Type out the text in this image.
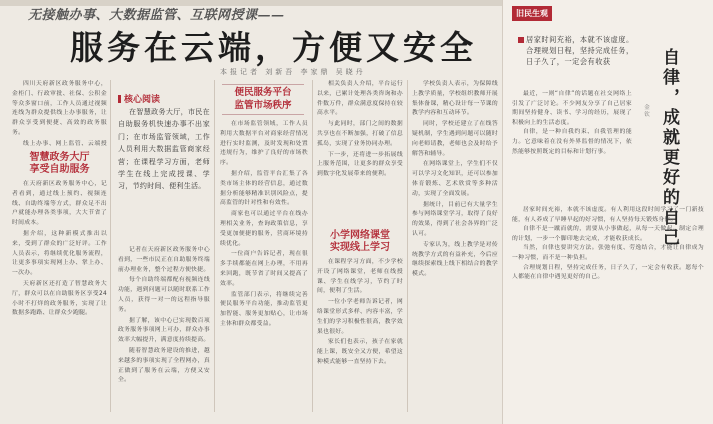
无接触办事、大数据监管、互联网授课——
服务在云端，方便又安全
本报记者 刘新吾 李家鼎 吴晓丹

四川天府新区政务服务中心，金柜门、行政审批、社保、公积金等众多窗口前，工作人员通过视频连线为群众提供线上办事服务，让群众享受到便捷、高效的政务服务。

线上办事、网上监管、云端授

智慧政务大厅
享受自助服务

在天府新区政务服务中心，记者看到，通过线上预约、视频连线、自助终端等方式，群众足不出户就能办理各类事项，大大节省了时间成本。

据介绍，这种新模式推出以来，受到了群众的广泛好评。工作人员表示，将继续优化服务流程，让更多事项实现网上办、掌上办、一次办。

天府新区还打造了智慧政务大厅，群众可以在自助服务区享受24小时不打烊的政务服务，实现了让数据多跑路、让群众少跑腿。

核心阅读

在智慧政务大厅，市民在自助服务机快速办事不出家门；在市场监管领域，工作人员利用大数据监管商家经营；在课程学习方面，老师学生在线上完成授课、学习，节约时间、便利生活。

记者在天府新区政务服务中心看到，一些市民正在自助服务终端前办理业务，整个过程方便快捷。

每个自助终端都配有视频连线功能，遇到问题可以随时联系工作人员，获得一对一的远程指导服务。

据了解，该中心已实现数百项政务服务事项网上可办，群众办事效率大幅提升，满意度持续提高。

随着智慧政务建设的推进，越来越多的事项实现了全程网办，真正做到了服务在云端，方便又安全。

便民服务平台
监管市场秩序

在市场监管领域，工作人员利用大数据平台对商家经营情况进行实时监测，及时发现和处置违规行为，维护了良好的市场秩序。

据介绍，监管平台汇集了各类市场主体的经营信息，通过数据分析能够精准识别风险点，提高监管的针对性和有效性。

商家也可以通过平台在线办理相关业务，查询政策信息，享受更加便捷的服务，营商环境持续优化。

一位商户告诉记者，现在很多手续都能在网上办理，不用再来回跑，既节省了时间又提高了效率。

监管部门表示，将继续完善便民服务平台功能，推动监管更加智能、服务更加贴心，让市场主体和群众都受益。

相关负责人介绍，平台运行以来，已累计处理各类咨询和办件数万件，群众满意度保持在较高水平。

与此同时，部门之间的数据共享也在不断加强，打破了信息孤岛，实现了业务协同办理。

下一步，还将进一步拓展线上服务范围，让更多的群众享受到数字化发展带来的便利。

小学网络课堂
实现线上学习

在课程学习方面，不少学校开设了网络课堂，老师在线授课、学生在线学习，节约了时间，便利了生活。

一位小学老师告诉记者，网络课堂形式多样、内容丰富，学生们的学习积极性很高，教学效果也很好。

家长们也表示，孩子在家就能上课，既安全又方便，希望这种模式能够一直坚持下去。

学校负责人表示，为保障线上教学质量，学校组织教师开展集体备课，精心设计每一节课的教学内容和互动环节。

同时，学校还建立了在线答疑机制，学生遇到问题可以随时向老师请教，老师也会及时给予解答和辅导。

在网络课堂上，学生们不仅可以学习文化知识，还可以参加体育锻炼、艺术欣赏等多种活动，实现了全面发展。

据统计，目前已有大量学生参与网络课堂学习，取得了良好的效果，得到了社会各界的广泛认可。

专家认为，线上教学是对传统教学方式的有益补充，今后应继续探索线上线下相结合的教学模式。

旧民生观
居家时间充裕，本就不该虚度。合理规划日程，坚持完成任务，日子久了，一定会有收获	自律，成就更好的自己
金 钦

最近，一则“自律”的话题在社交网络上引发了广泛讨论。不少网友分享了自己居家期间坚持健身、读书、学习的经历，展现了积极向上的生活态度。

自律，是一种自我约束、自我管理的能力。它意味着在没有外界监督的情况下，依然能够按照既定的目标和计划行事。

居家时间充裕，本就不该虚度。有人利用这段时间学习了一门新技能，有人养成了早睡早起的好习惯，有人坚持每天锻炼身体。

自律不是一蹴而就的，需要从小事做起，从每一天做起。制定合理的计划，一步一个脚印地去完成，才能收获成长。

当然，自律也要讲究方法。张弛有度、劳逸结合，才能让自律成为一种习惯，而不是一种负担。

合理规划日程，坚持完成任务，日子久了，一定会有收获。愿每个人都能在自律中遇见更好的自己。
